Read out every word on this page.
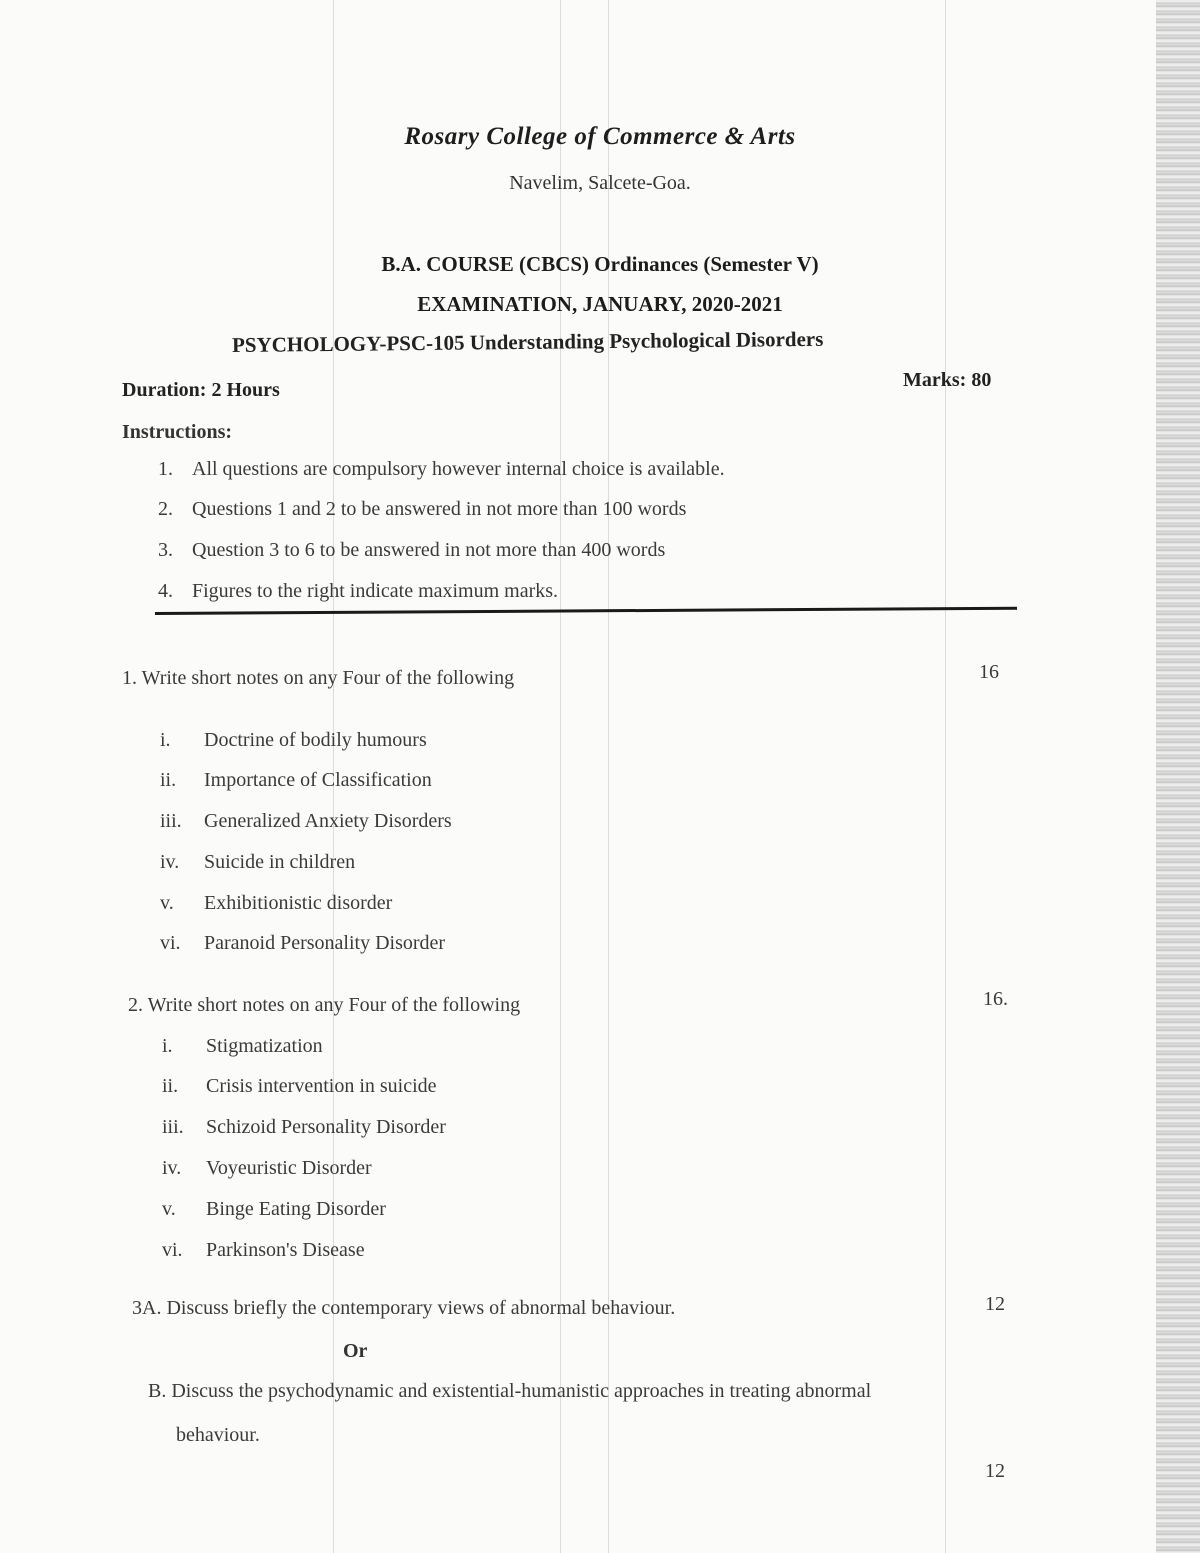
Rosary College of Commerce & Arts
Navelim, Salcete-Goa.
B.A. COURSE (CBCS) Ordinances (Semester V)
EXAMINATION, JANUARY, 2020-2021
PSYCHOLOGY-PSC-105 Understanding Psychological Disorders
Duration: 2 Hours	Marks: 80
Instructions:
1. All questions are compulsory however internal choice is available.
2. Questions 1 and 2 to be answered in not more than 100 words
3. Question 3 to 6 to be answered in not more than 400 words
4. Figures to the right indicate maximum marks.
1. Write short notes on any Four of the following	16
i. Doctrine of bodily humours
ii. Importance of Classification
iii. Generalized Anxiety Disorders
iv. Suicide in children
v. Exhibitionistic disorder
vi. Paranoid Personality Disorder
2. Write short notes on any Four of the following	16.
i. Stigmatization
ii. Crisis intervention in suicide
iii. Schizoid Personality Disorder
iv. Voyeuristic Disorder
v. Binge Eating Disorder
vi. Parkinson's Disease
3A. Discuss briefly the contemporary views of abnormal behaviour.	12
Or
B. Discuss the psychodynamic and existential-humanistic approaches in treating abnormal
behaviour.
12
